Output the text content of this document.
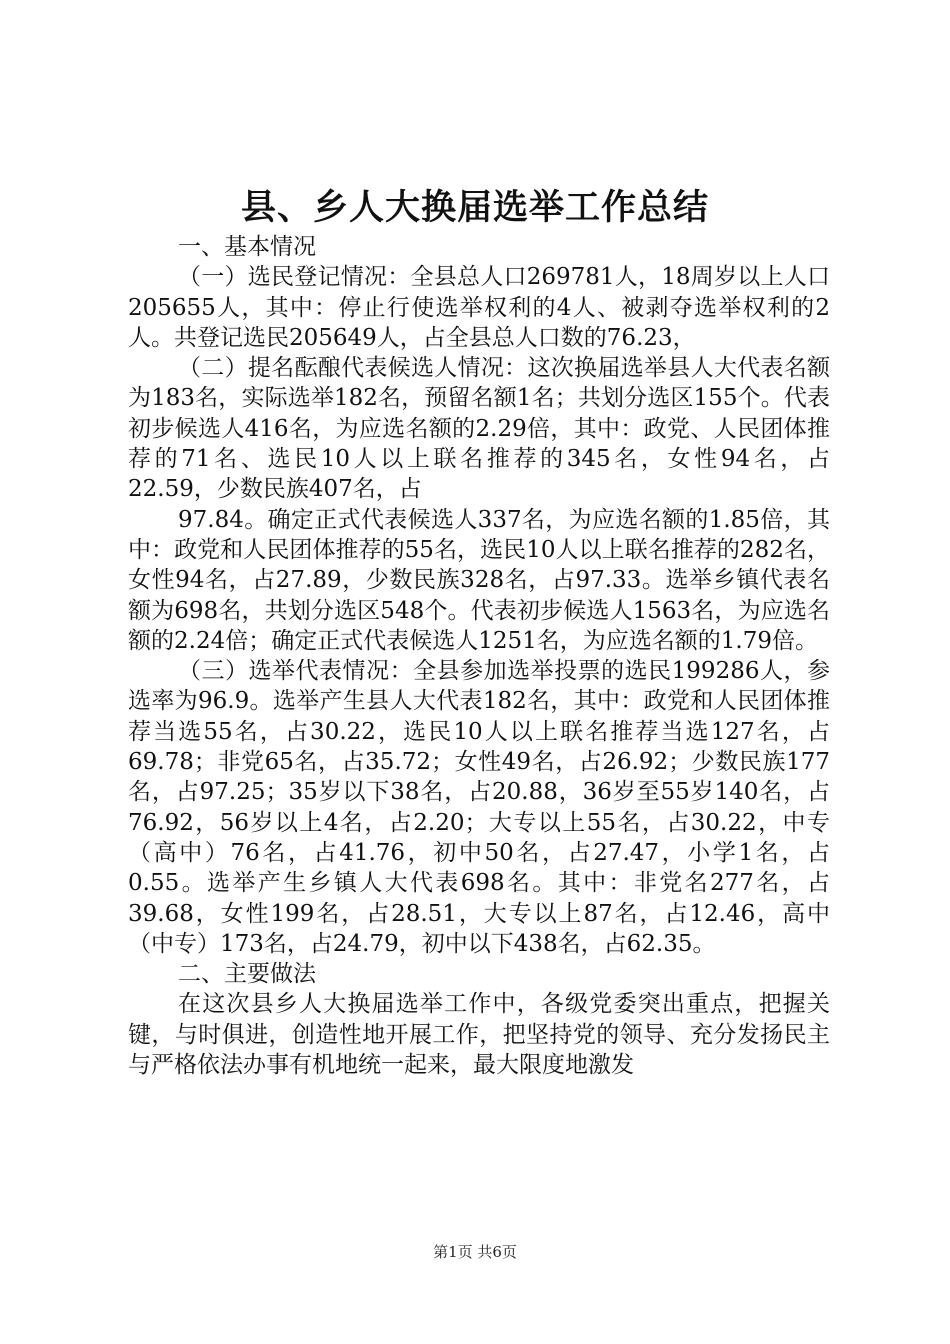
县、乡人大换届选举工作总结

一、基本情况

（一）选民登记情况：全县总人口269781人，18周岁以上人口205655人，其中：停止行使选举权利的4人、被剥夺选举权利的2人。共登记选民205649人，占全县总人口数的76.23，

（二）提名酝酿代表候选人情况：这次换届选举县人大代表名额为183名，实际选举182名，预留名额1名；共划分选区155个。代表初步候选人416名，为应选名额的2.29倍，其中：政党、人民团体推荐的71名、选民10人以上联名推荐的345名，女性94名，占22.59，少数民族407名，占

97.84。确定正式代表候选人337名，为应选名额的1.85倍，其中：政党和人民团体推荐的55名，选民10人以上联名推荐的282名，女性94名，占27.89，少数民族328名，占97.33。选举乡镇代表名额为698名，共划分选区548个。代表初步候选人1563名，为应选名额的2.24倍；确定正式代表候选人1251名，为应选名额的1.79倍。

（三）选举代表情况：全县参加选举投票的选民199286人，参选率为96.9。选举产生县人大代表182名，其中：政党和人民团体推荐当选55名，占30.22，选民10人以上联名推荐当选127名，占69.78；非党65名，占35.72；女性49名，占26.92；少数民族177名，占97.25；35岁以下38名，占20.88，36岁至55岁140名，占76.92，56岁以上4名，占2.20；大专以上55名，占30.22，中专（高中）76名，占41.76，初中50名，占27.47，小学1名，占0.55。选举产生乡镇人大代表698名。其中：非党名277名，占39.68，女性199名，占28.51，大专以上87名，占12.46，高中（中专）173名，占24.79，初中以下438名，占62.35。

二、主要做法

在这次县乡人大换届选举工作中，各级党委突出重点，把握关键，与时俱进，创造性地开展工作，把坚持党的领导、充分发扬民主与严格依法办事有机地统一起来，最大限度地激发

第1页 共6页
